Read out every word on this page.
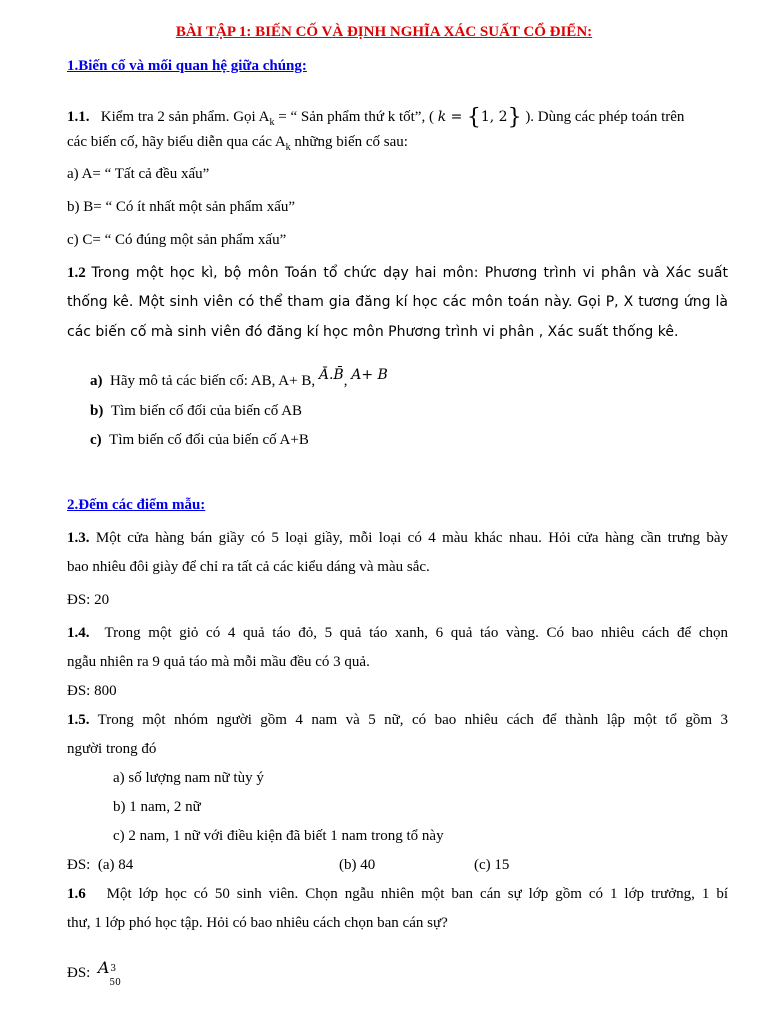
BÀI TẬP 1: BIẾN CỐ VÀ ĐỊNH NGHĨA XÁC SUẤT CỔ ĐIỂN:
1.Biến cố và mối quan hệ giữa chúng:
1.1. Kiểm tra 2 sản phẩm. Gọi $A_k$ = “ Sản phẩm thứ k tốt”, ( k = {1, 2} ). Dùng các phép toán trên
các biến cố, hãy biểu diễn qua các $A_k$ những biến cố sau:
a) A= “ Tất cả đều xấu”
b) B= “ Có ít nhất một sản phẩm xấu”
c) C= “ Có đúng một sản phẩm xấu”
1.2 Trong một học kì, bộ môn Toán tổ chức dạy hai môn: Phương trình vi phân và Xác suất
thống kê. Một sinh viên có thể tham gia đăng kí học các môn toán này. Gọi P, X tương ứng là
các biến cố mà sinh viên đó đăng kí học môn Phương trình vi phân , Xác suất thống kê.
a) Hãy mô tả các biến cố: AB, A+ B, Ā.B̄, A+ B
b) Tìm biến cố đối của biến cố AB
c) Tìm biến cố đối của biến cố A+B
2.Đếm các điểm mẫu:
1.3. Một cửa hàng bán giầy có 5 loại giầy, mỗi loại có 4 màu khác nhau. Hỏi cửa hàng cần trưng bày
bao nhiêu đôi giày để chỉ ra tất cả các kiểu dáng và màu sắc.
ĐS: 20
1.4. Trong một giỏ có 4 quả táo đỏ, 5 quả táo xanh, 6 quả táo vàng. Có bao nhiêu cách để chọn
ngẫu nhiên ra 9 quả táo mà mỗi mầu đều có 3 quả.
ĐS: 800
1.5. Trong một nhóm người gồm 4 nam và 5 nữ, có bao nhiêu cách để thành lập một tổ gồm 3
người trong đó
a) số lượng nam nữ tùy ý
b) 1 nam, 2 nữ
c) 2 nam, 1 nữ với điều kiện đã biết 1 nam trong tổ này
ĐS: (a) 84	(b) 40	(c) 15
1.6 Một lớp học có 50 sinh viên. Chọn ngẫu nhiên một ban cán sự lớp gồm có 1 lớp trưởng, 1 bí
thư, 1 lớp phó học tập. Hỏi có bao nhiêu cách chọn ban cán sự?
ĐS: A 3
50
